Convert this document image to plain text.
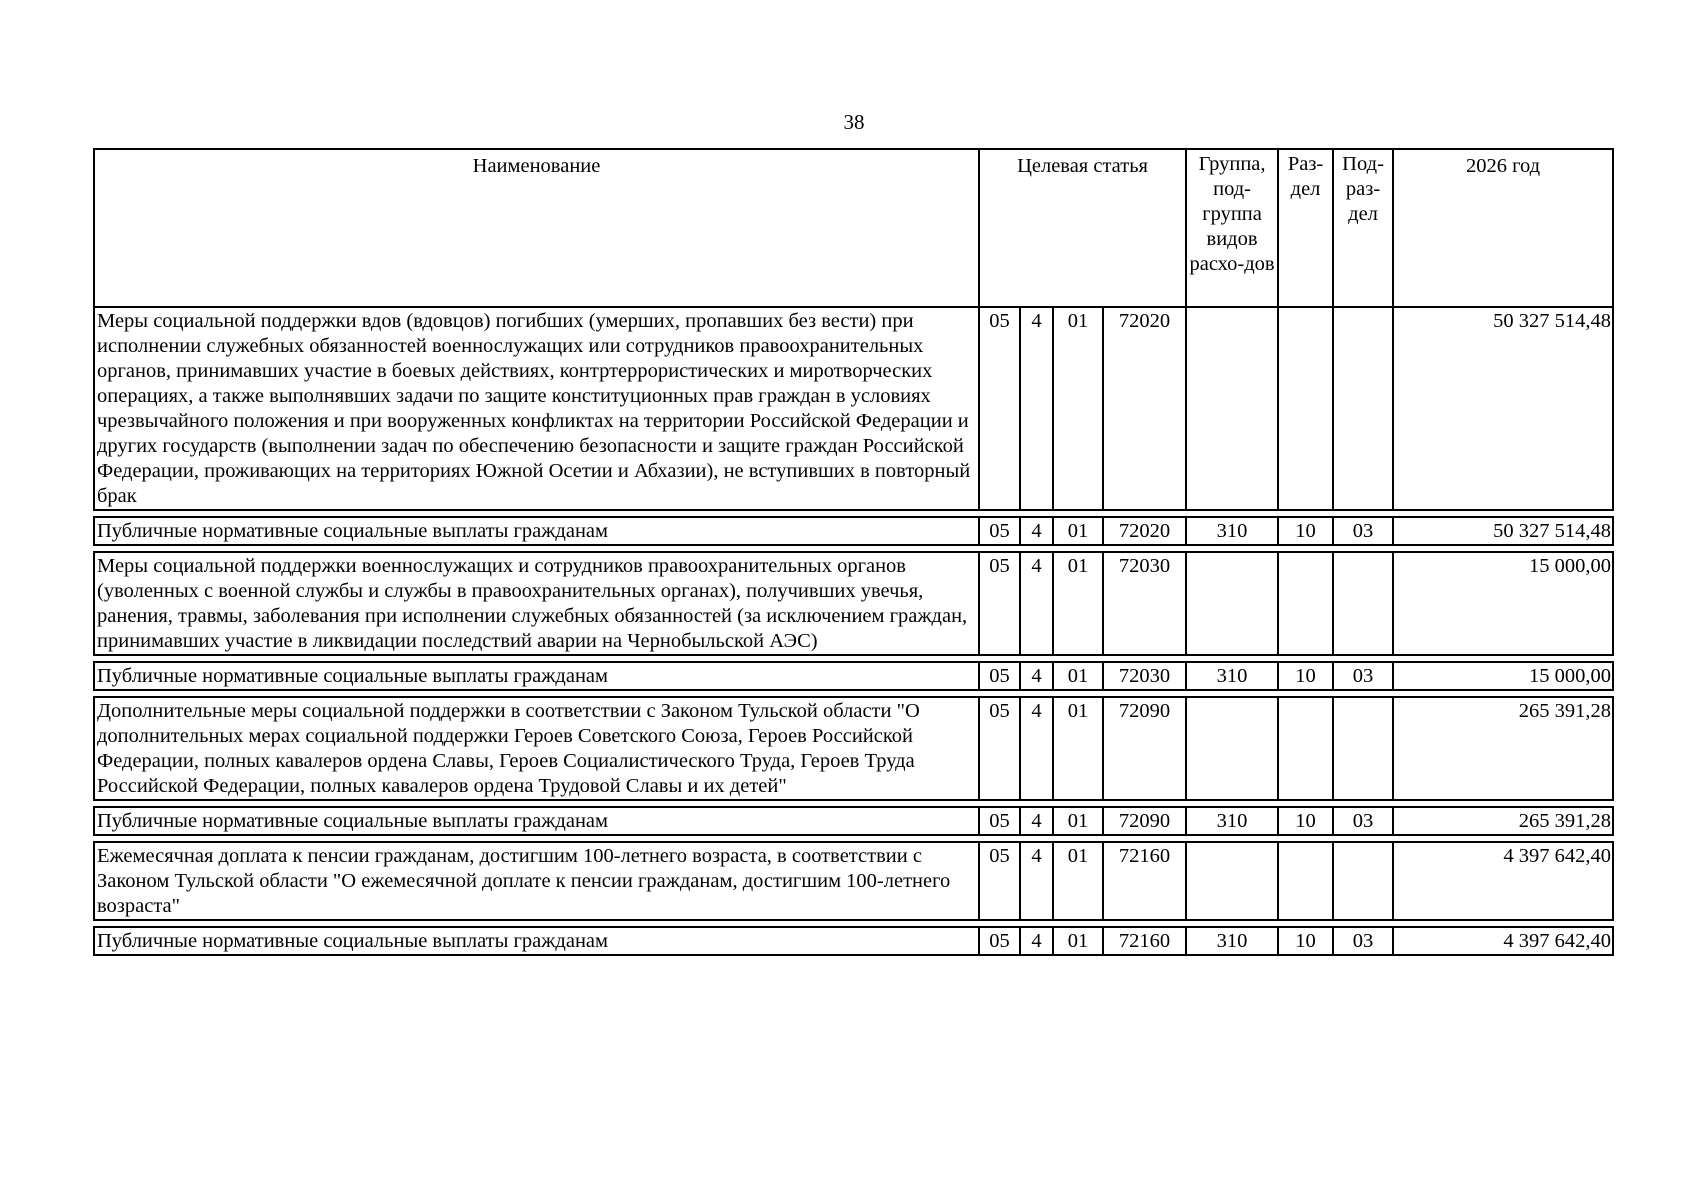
38
Наименование	Целевая статья				Группа, под-группа видов расхо-дов	Раз-дел	Под-раз-дел	2026 год
Меры социальной поддержки вдов (вдовцов) погибших (умерших, пропавших без вести) при исполнении служебных обязанностей военнослужащих или сотрудников правоохранительных органов, принимавших участие в боевых действиях, контртеррористических и миротворческих операциях, а также выполнявших задачи по защите конституционных прав граждан в условиях чрезвычайного положения и при вооруженных конфликтах на территории Российской Федерации и других государств (выполнении задач по обеспечению безопасности и защите граждан Российской Федерации, проживающих на территориях Южной Осетии и Абхазии), не вступивших в повторный брак	05	4	01	72020				50 327 514,48

Публичные нормативные социальные выплаты гражданам	05	4	01	72020	310	10	03	50 327 514,48

Меры социальной поддержки военнослужащих и сотрудников правоохранительных органов (уволенных с военной службы и службы в правоохранительных органах), получивших увечья, ранения, травмы, заболевания при исполнении служебных обязанностей (за исключением граждан, принимавших участие в ликвидации последствий аварии на Чернобыльской АЭС)	05	4	01	72030				15 000,00

Публичные нормативные социальные выплаты гражданам	05	4	01	72030	310	10	03	15 000,00

Дополнительные меры социальной поддержки в соответствии с Законом Тульской области "О дополнительных мерах социальной поддержки Героев Советского Союза, Героев Российской Федерации, полных кавалеров ордена Славы, Героев Социалистического Труда, Героев Труда Российской Федерации, полных кавалеров ордена Трудовой Славы и их детей"	05	4	01	72090				265 391,28

Публичные нормативные социальные выплаты гражданам	05	4	01	72090	310	10	03	265 391,28

Ежемесячная доплата к пенсии гражданам, достигшим 100-летнего возраста, в соответствии с Законом Тульской области "О ежемесячной доплате к пенсии гражданам, достигшим 100-летнего возраста"	05	4	01	72160				4 397 642,40

Публичные нормативные социальные выплаты гражданам	05	4	01	72160	310	10	03	4 397 642,40
